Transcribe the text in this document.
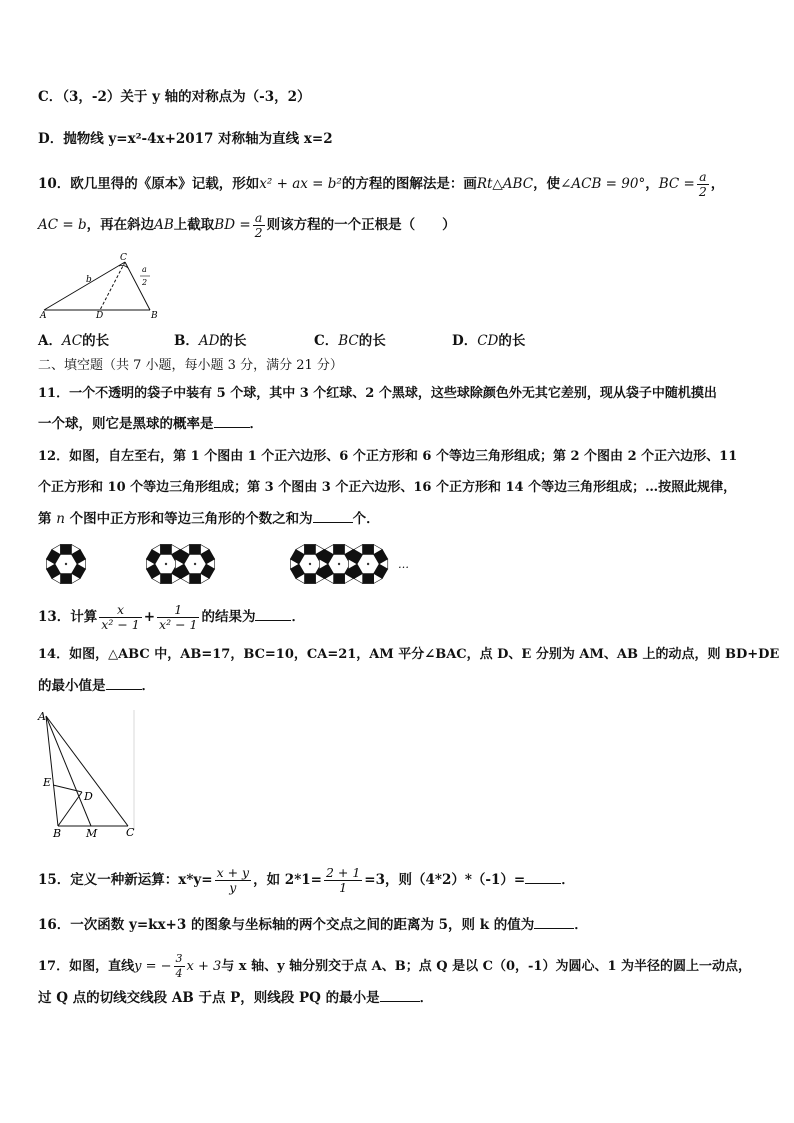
C．（3，-2）关于 y 轴的对称点为（-3，2）
D．抛物线 y=x²-4x+2017 对称轴为直线 x=2
10．欧几里得的《原本》记载，形如x² + ax = b²的方程的图解法是：画Rt△ABC，使∠ACB = 90°，BC = $\frac{a}{2}$ ，
AC = b，再在斜边AB上截取BD = $\frac{a}{2}$ 则该方程的一个正根是（　　）
A	B
C
D
b
a
2
A．AC的长	B．AD的长	C．BC的长	D．CD的长
二、填空题（共 7 小题，每小题 3 分，满分 21 分）
11．一个不透明的袋子中装有 5 个球，其中 3 个红球、2 个黑球，这些球除颜色外无其它差别，现从袋子中随机摸出
一个球，则它是黑球的概率是	．
12．如图，自左至右，第 1 个图由 1 个正六边形、6 个正方形和 6 个等边三角形组成；第 2 个图由 2 个正六边形、11
个正方形和 10 个等边三角形组成；第 3 个图由 3 个正六边形、16 个正方形和 14 个等边三角形组成；…按照此规律，
第 n 个图中正方形和等边三角形的个数之和为	个．
…
13．计算 $\frac{x}{\text{x² − 1}} + \frac{1}{\text{x² − 1}}$ 的结果为	．
14．如图，△ABC 中，AB=17，BC=10，CA=21，AM 平分∠BAC，点 D、E 分别为 AM、AB 上的动点，则 BD+DE
的最小值是	．
A
E
D
B M	C
15．定义一种新运算：$x*y= \frac{x + y}{y}$ ，如 $2*1= \frac{2 + 1}{1} =3$，则（4*2）*（-1）=	．
16．一次函数 y=kx+3 的图象与坐标轴的两个交点之间的距离为 5，则 k 的值为	．
17．如图，直线y = − $\frac{3}{4}$ x + 3与 x 轴、y 轴分别交于点 A、B；点 Q 是以 C（0，-1）为圆心、1 为半径的圆上一动点，
过 Q 点的切线交线段 AB 于点 P，则线段 PQ 的最小是	．
